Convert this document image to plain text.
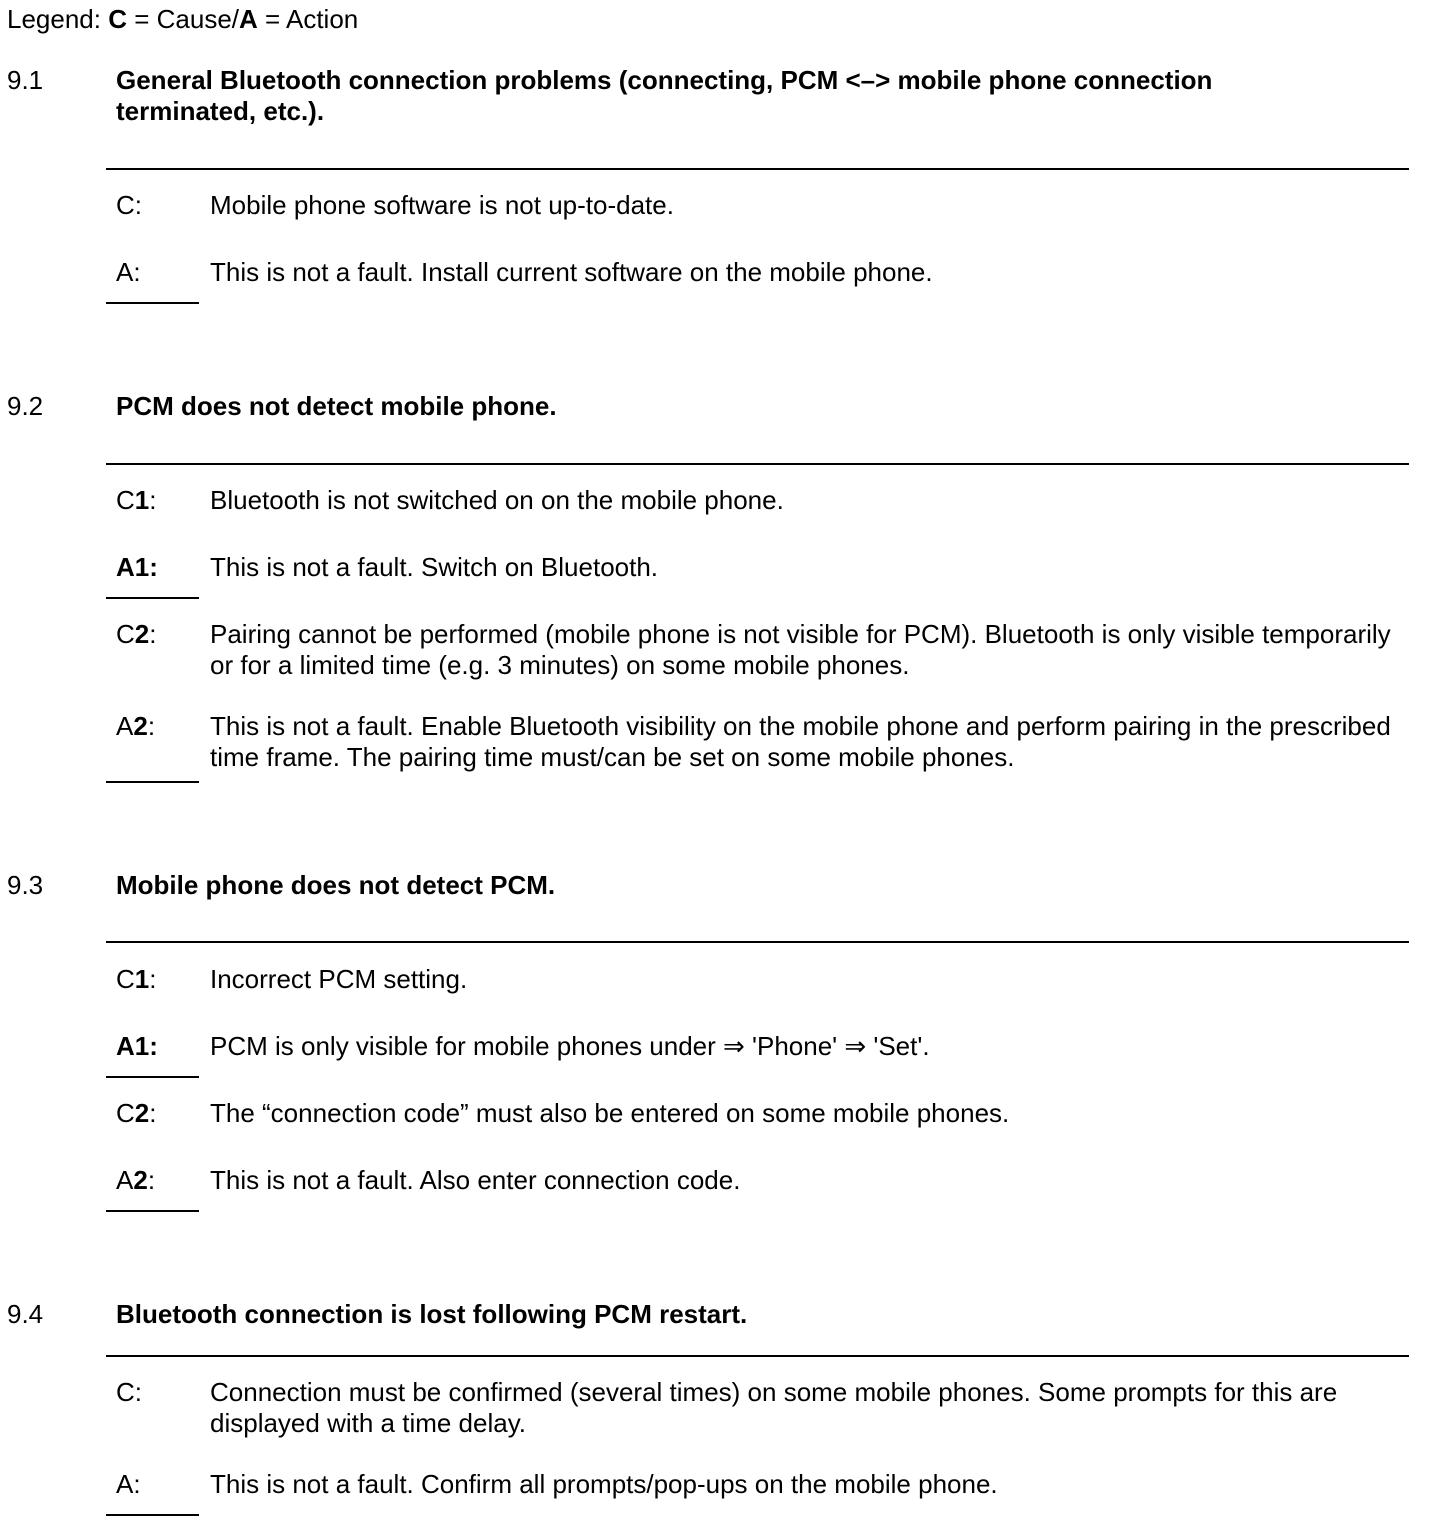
Legend: C = Cause/A = Action
9.1	General Bluetooth connection problems (connecting, PCM <–> mobile phone connection terminated, etc.).
C:	Mobile phone software is not up-to-date.
A:	This is not a fault. Install current software on the mobile phone.
9.2	PCM does not detect mobile phone.
C1: Bluetooth is not switched on on the mobile phone.
A1: This is not a fault. Switch on Bluetooth.
C2: Pairing cannot be performed (mobile phone is not visible for PCM). Bluetooth is only visible temporarily or for a limited time (e.g. 3 minutes) on some mobile phones.
A2: This is not a fault. Enable Bluetooth visibility on the mobile phone and perform pairing in the prescribed time frame. The pairing time must/can be set on some mobile phones.
9.3	Mobile phone does not detect PCM.
C1: Incorrect PCM setting.
A1: PCM is only visible for mobile phones under ⇒ 'Phone' ⇒ 'Set'.
C2: The “connection code” must also be entered on some mobile phones.
A2: This is not a fault. Also enter connection code.
9.4	Bluetooth connection is lost following PCM restart.
C:	Connection must be confirmed (several times) on some mobile phones. Some prompts for this are displayed with a time delay.
A:	This is not a fault. Confirm all prompts/pop-ups on the mobile phone.
